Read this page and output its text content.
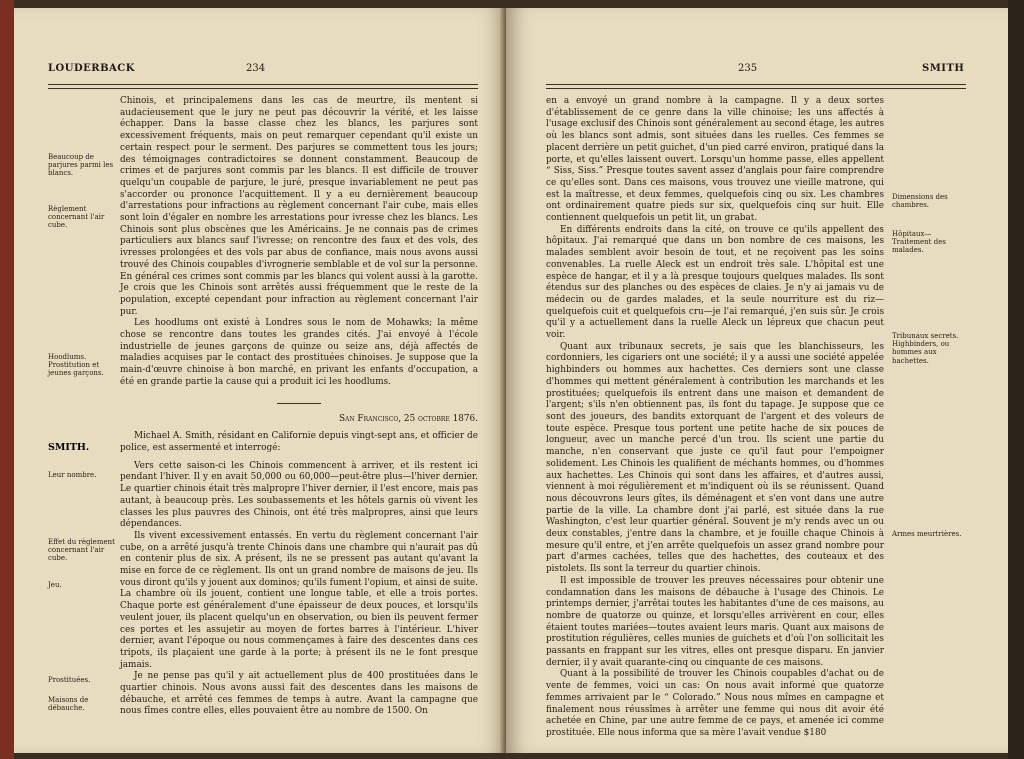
LOUDERBACK	234
Beaucoup de parjures parmi les blancs.
Règlement concernant l'air cube.
Hoodlums. Prostitution et jeunes garçons.
Leur nombre.
Effet du règlement concernant l'air cube.
Jeu.
Prostituées.
Maisons de débauche.
SMITH.

Chinois, et principalemens dans les cas de meurtre, ils mentent si audacieusement que le jury ne peut pas découvrir la vérité, et les laisse échapper. Dans la basse classe chez les blancs, les parjures sont excessivement fréquents, mais on peut remarquer cependant qu'il existe un certain respect pour le serment. Des parjures se commettent tous les jours; des témoignages contradictoires se donnent constamment. Beaucoup de crimes et de parjures sont commis par les blancs. Il est difficile de trouver quelqu'un coupable de parjure, le juré, presque invariablement ne peut pas s'accorder ou prononce l'acquittement. Il y a eu dernièrement beaucoup d'arrestations pour infractions au règlement concernant l'air cube, mais elles sont loin d'égaler en nombre les arrestations pour ivresse chez les blancs. Les Chinois sont plus obscènes que les Américains. Je ne connais pas de crimes particuliers aux blancs sauf l'ivresse; on rencontre des faux et des vols, des ivresses prolongées et des vols par abus de confiance, mais nous avons aussi trouvé des Chinois coupables d'ivrognerie semblable et de vol sur la personne. En général ces crimes sont commis par les blancs qui volent aussi à la garotte. Je crois que les Chinois sont arrêtés aussi fréquemment que le reste de la population, excepté cependant pour infraction au règlement concernant l'air pur.

Les hoodlums ont existé à Londres sous le nom de Mohawks; la même chose se rencontre dans toutes les grandes cités. J'ai envoyé à l'école industrielle de jeunes garçons de quinze ou seize ans, déjà affectés de maladies acquises par le contact des prostituées chinoises. Je suppose que la main-d'œuvre chinoise à bon marché, en privant les enfants d'occupation, a été en grande partie la cause qui a produit ici les hoodlums.

San Francisco, 25 octobre 1876.

Michael A. Smith, résidant en Californie depuis vingt-sept ans, et officier de police, est assermenté et interrogé:

Vers cette saison-ci les Chinois commencent à arriver, et ils restent ici pendant l'hiver. Il y en avait 50,000 ou 60,000—peut-être plus—l'hiver dernier. Le quartier chinois était très malpropre l'hiver dernier, il l'est encore, mais pas autant, à beaucoup près. Les soubassements et les hôtels garnis où vivent les classes les plus pauvres des Chinois, ont été très malpropres, ainsi que leurs dépendances.

Ils vivent excessivement entassés. En vertu du règlement concernant l'air cube, on a arrêté jusqu'à trente Chinois dans une chambre qui n'aurait pas dû en contenir plus de six. A présent, ils ne se pressent pas autant qu'avant la mise en force de ce règlement. Ils ont un grand nombre de maisons de jeu. Ils vous diront qu'ils y jouent aux dominos; qu'ils fument l'opium, et ainsi de suite. La chambre où ils jouent, contient une longue table, et elle a trois portes. Chaque porte est généralement d'une épaisseur de deux pouces, et lorsqu'ils veulent jouer, ils placent quelqu'un en observation, ou bien ils peuvent fermer ces portes et les assujetir au moyen de fortes barres à l'intérieur. L'hiver dernier, avant l'époque ou nous commençames à faire des descentes dans ces tripots, ils plaçaient une garde à la porte; à présent ils ne le font presque jamais.

Je ne pense pas qu'il y ait actuellement plus de 400 prostituées dans le quartier chinois. Nous avons aussi fait des descentes dans les maisons de débauche, et arrêté ces femmes de temps à autre. Avant la campagne que nous fîmes contre elles, elles pouvaient être au nombre de 1500. On

235	SMITH

en a envoyé un grand nombre à la campagne. Il y a deux sortes d'établissement de ce genre dans la ville chinoise; les uns affectés à l'usage exclusif des Chinois sont généralement au second étage, les autres où les blancs sont admis, sont situées dans les ruelles. Ces femmes se placent derrière un petit guichet, d'un pied carré environ, pratiqué dans la porte, et qu'elles laissent ouvert. Lorsqu'un homme passe, elles appellent “ Siss, Siss.” Presque toutes savent assez d'anglais pour faire comprendre ce qu'elles sont. Dans ces maisons, vous trouvez une vieille matrone, qui est la maîtresse, et deux femmes, quelquefois cinq ou six. Les chambres ont ordinairement quatre pieds sur six, quelquefois cinq sur huit. Elle contiennent quelquefois un petit lit, un grabat.

En différents endroits dans la cité, on trouve ce qu'ils appellent des hôpitaux. J'ai remarqué que dans un bon nombre de ces maisons, les malades semblent avoir besoin de tout, et ne reçoivent pas les soins convenables. La ruelle Aleck est un endroit très sale. L'hôpital est une espèce de hangar, et il y a là presque toujours quelques malades. Ils sont étendus sur des planches ou des espèces de claies. Je n'y ai jamais vu de médecin ou de gardes malades, et la seule nourriture est du riz—quelquefois cuit et quelquefois cru—je l'ai remarqué, j'en suis sûr. Je crois qu'il y a actuellement dans la ruelle Aleck un lépreux que chacun peut voir.

Quant aux tribunaux secrets, je sais que les blanchisseurs, les cordonniers, les cigariers ont une société; il y a aussi une société appelée highbinders ou hommes aux hachettes. Ces derniers sont une classe d'hommes qui mettent généralement à contribution les marchands et les prostituées; quelquefois ils entrent dans une maison et demandent de l'argent; s'ils n'en obtiennent pas, ils font du tapage. Je suppose que ce sont des joueurs, des bandits extorquant de l'argent et des voleurs de toute espèce. Presque tous portent une petite hache de six pouces de longueur, avec un manche percé d'un trou. Ils scient une partie du manche, n'en conservant que juste ce qu'il faut pour l'empoigner solidement. Les Chinois les qualifient de méchants hommes, ou d'hommes aux hachettes. Les Chinois qui sont dans les affaires, et d'autres aussi, viennent à moi régulièrement et m'indiquent où ils se réunissent. Quand nous découvrons leurs gîtes, ils déménagent et s'en vont dans une autre partie de la ville. La chambre dont j'ai parlé, est située dans la rue Washington, c'est leur quartier général. Souvent je m'y rends avec un ou deux constables, j'entre dans la chambre, et je fouille chaque Chinois à mesure qu'il entre, et j'en arrête quelquefois un assez grand nombre pour part d'armes cachées, telles que des hachettes, des couteaux et des pistolets. Ils sont la terreur du quartier chinois.

Il est impossible de trouver les preuves nécessaires pour obtenir une condamnation dans les maisons de débauche à l'usage des Chinois. Le printemps dernier, j'arrêtai toutes les habitantes d'une de ces maisons, au nombre de quatorze ou quinze, et lorsqu'elles arrivèrent en cour, elles étaient toutes mariées—toutes avaient leurs maris. Quant aux maisons de prostitution régulières, celles munies de guichets et d'où l'on sollicitait les passants en frappant sur les vitres, elles ont presque disparu. En janvier dernier, il y avait quarante-cinq ou cinquante de ces maisons.

Quant à la possibilité de trouver les Chinois coupables d'achat ou de vente de femmes, voici un cas: On nous avait informé que quatorze femmes arrivaient par le “ Colorado.” Nous nous mîmes en campagne et finalement nous réussîmes à arrêter une femme qui nous dit avoir été achetée en Chine, par une autre femme de ce pays, et amenée ici comme prostituée. Elle nous informa que sa mère l'avait vendue $180

Dimensions des chambres.
Hôpitaux—Traitement des malades.
Tribunaux secrets. Highbinders, ou hommes aux hachettes.
Armes meurtrières.
